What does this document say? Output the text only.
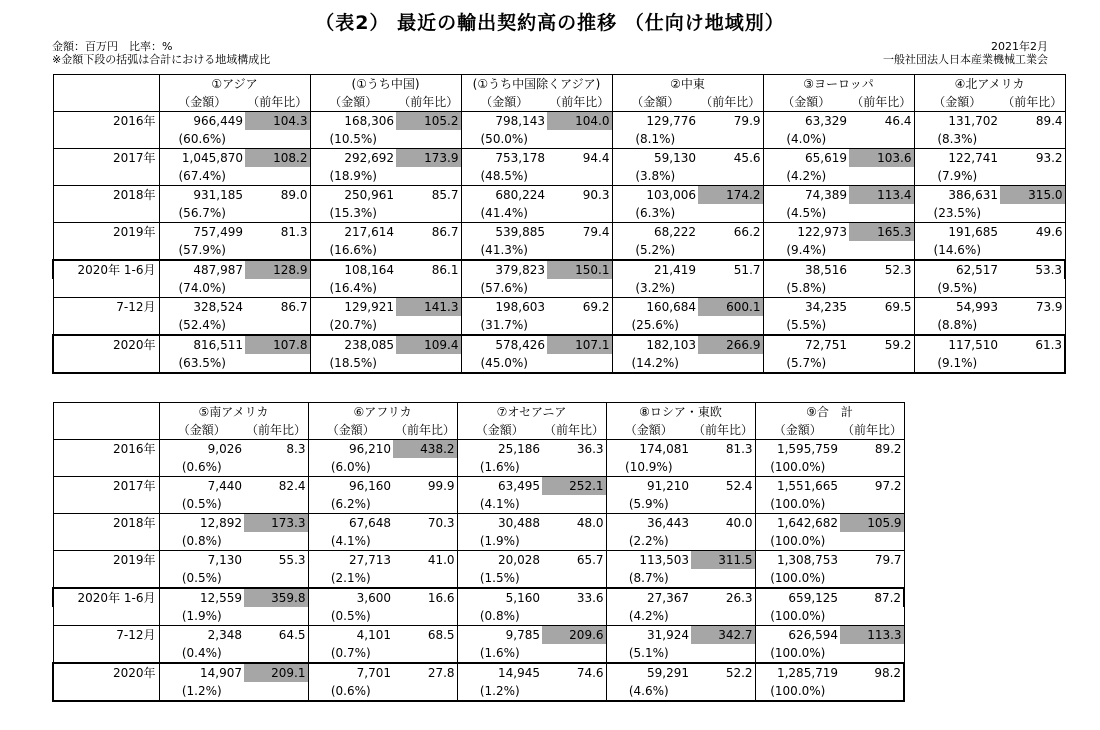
（表2） 最近の輸出契約高の推移 （仕向け地域別）
金額：百万円　比率：%
※金額下段の括弧は合計における地域構成比
2021年2月
一般社団法人日本産業機械工業会
	①アジア		(①うち中国)		(①うち中国除くアジア)		②中東		③ヨーロッパ		④北アメリカ	
	（金額）	（前年比）	（金額）	（前年比）	（金額）	（前年比）	（金額）	（前年比）	（金額）	（前年比）	（金額）	（前年比）
2016年	966,449	104.3	168,306	105.2	798,143	104.0	129,776	79.9	63,329	46.4	131,702	89.4
	(60.6%)		(10.5%)		(50.0%)		(8.1%)		(4.0%)		(8.3%)	
2017年	1,045,870	108.2	292,692	173.9	753,178	94.4	59,130	45.6	65,619	103.6	122,741	93.2
	(67.4%)		(18.9%)		(48.5%)		(3.8%)		(4.2%)		(7.9%)	
2018年	931,185	89.0	250,961	85.7	680,224	90.3	103,006	174.2	74,389	113.4	386,631	315.0
	(56.7%)		(15.3%)		(41.4%)		(6.3%)		(4.5%)		(23.5%)	
2019年	757,499	81.3	217,614	86.7	539,885	79.4	68,222	66.2	122,973	165.3	191,685	49.6
	(57.9%)		(16.6%)		(41.3%)		(5.2%)		(9.4%)		(14.6%)	
2020年 1-6月	487,987	128.9	108,164	86.1	379,823	150.1	21,419	51.7	38,516	52.3	62,517	53.3
	(74.0%)		(16.4%)		(57.6%)		(3.2%)		(5.8%)		(9.5%)	
7-12月	328,524	86.7	129,921	141.3	198,603	69.2	160,684	600.1	34,235	69.5	54,993	73.9
	(52.4%)		(20.7%)		(31.7%)		(25.6%)		(5.5%)		(8.8%)	
2020年	816,511	107.8	238,085	109.4	578,426	107.1	182,103	266.9	72,751	59.2	117,510	61.3
	(63.5%)		(18.5%)		(45.0%)		(14.2%)		(5.7%)		(9.1%)	
	⑤南アメリカ		⑥アフリカ		⑦オセアニア		⑧ロシア・東欧		⑨合　計	
	（金額）	（前年比）	（金額）	（前年比）	（金額）	（前年比）	（金額）	（前年比）	（金額）	（前年比）
2016年	9,026	8.3	96,210	438.2	25,186	36.3	174,081	81.3	1,595,759	89.2
	(0.6%)		(6.0%)		(1.6%)		(10.9%)		(100.0%)	
2017年	7,440	82.4	96,160	99.9	63,495	252.1	91,210	52.4	1,551,665	97.2
	(0.5%)		(6.2%)		(4.1%)		(5.9%)		(100.0%)	
2018年	12,892	173.3	67,648	70.3	30,488	48.0	36,443	40.0	1,642,682	105.9
	(0.8%)		(4.1%)		(1.9%)		(2.2%)		(100.0%)	
2019年	7,130	55.3	27,713	41.0	20,028	65.7	113,503	311.5	1,308,753	79.7
	(0.5%)		(2.1%)		(1.5%)		(8.7%)		(100.0%)	
2020年 1-6月	12,559	359.8	3,600	16.6	5,160	33.6	27,367	26.3	659,125	87.2
	(1.9%)		(0.5%)		(0.8%)		(4.2%)		(100.0%)	
7-12月	2,348	64.5	4,101	68.5	9,785	209.6	31,924	342.7	626,594	113.3
	(0.4%)		(0.7%)		(1.6%)		(5.1%)		(100.0%)	
2020年	14,907	209.1	7,701	27.8	14,945	74.6	59,291	52.2	1,285,719	98.2
	(1.2%)		(0.6%)		(1.2%)		(4.6%)		(100.0%)	
